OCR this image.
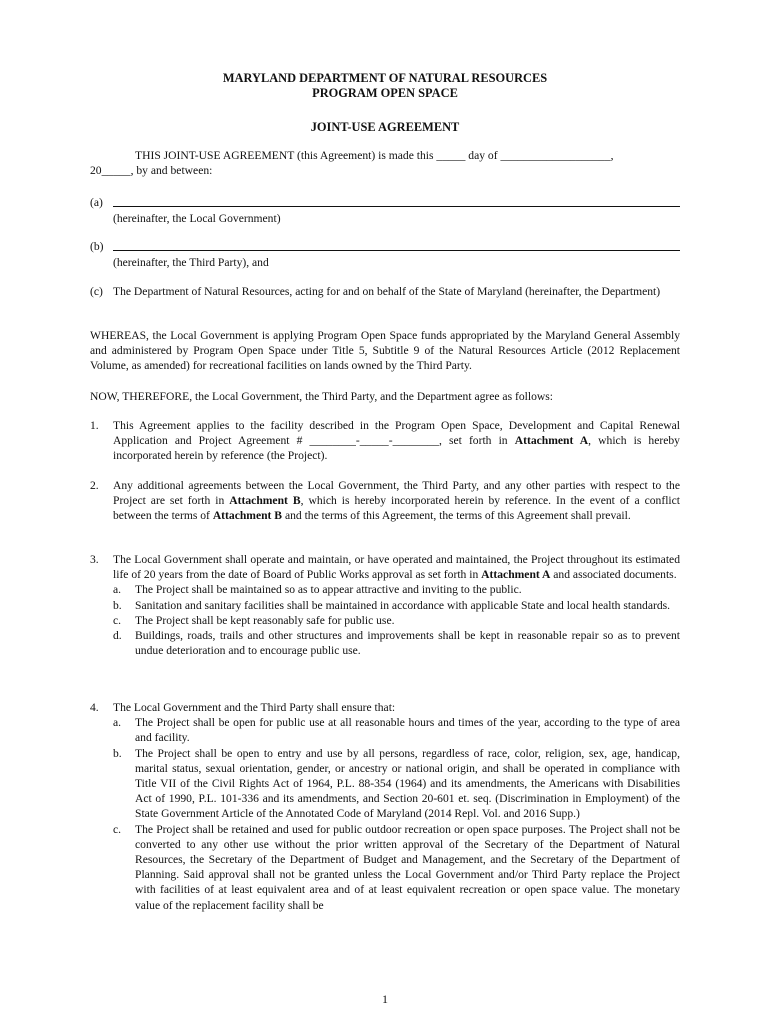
MARYLAND DEPARTMENT OF NATURAL RESOURCES
PROGRAM OPEN SPACE
JOINT-USE AGREEMENT
THIS JOINT-USE AGREEMENT (this Agreement) is made this _____ day of ___________________,
20_____, by and between:
(a)
(hereinafter, the Local Government)
(b)
(hereinafter, the Third Party), and
(c) The Department of Natural Resources, acting for and on behalf of the State of Maryland (hereinafter, the Department)
WHEREAS, the Local Government is applying Program Open Space funds appropriated by the Maryland General Assembly and administered by Program Open Space under Title 5, Subtitle 9 of the Natural Resources Article (2012 Replacement Volume, as amended) for recreational facilities on lands owned by the Third Party.
NOW, THEREFORE, the Local Government, the Third Party, and the Department agree as follows:
1. This Agreement applies to the facility described in the Program Open Space, Development and Capital Renewal Application and Project Agreement # ________-_____-________, set forth in Attachment A, which is hereby incorporated herein by reference (the Project).
2. Any additional agreements between the Local Government, the Third Party, and any other parties with respect to the Project are set forth in Attachment B, which is hereby incorporated herein by reference. In the event of a conflict between the terms of Attachment B and the terms of this Agreement, the terms of this Agreement shall prevail.
3. The Local Government shall operate and maintain, or have operated and maintained, the Project throughout its estimated life of 20 years from the date of Board of Public Works approval as set forth in Attachment A and associated documents.
a. The Project shall be maintained so as to appear attractive and inviting to the public.
b. Sanitation and sanitary facilities shall be maintained in accordance with applicable State and local health standards.
c. The Project shall be kept reasonably safe for public use.
d. Buildings, roads, trails and other structures and improvements shall be kept in reasonable repair so as to prevent undue deterioration and to encourage public use.
4. The Local Government and the Third Party shall ensure that:
a. The Project shall be open for public use at all reasonable hours and times of the year, according to the type of area and facility.
b. The Project shall be open to entry and use by all persons, regardless of race, color, religion, sex, age, handicap, marital status, sexual orientation, gender, or ancestry or national origin, and shall be operated in compliance with Title VII of the Civil Rights Act of 1964, P.L. 88-354 (1964) and its amendments, the Americans with Disabilities Act of 1990, P.L. 101-336 and its amendments, and Section 20-601 et. seq. (Discrimination in Employment) of the State Government Article of the Annotated Code of Maryland (2014 Repl. Vol. and 2016 Supp.)
c. The Project shall be retained and used for public outdoor recreation or open space purposes. The Project shall not be converted to any other use without the prior written approval of the Secretary of the Department of Natural Resources, the Secretary of the Department of Budget and Management, and the Secretary of the Department of Planning. Said approval shall not be granted unless the Local Government and/or Third Party replace the Project with facilities of at least equivalent area and of at least equivalent recreation or open space value. The monetary value of the replacement facility shall be
1
